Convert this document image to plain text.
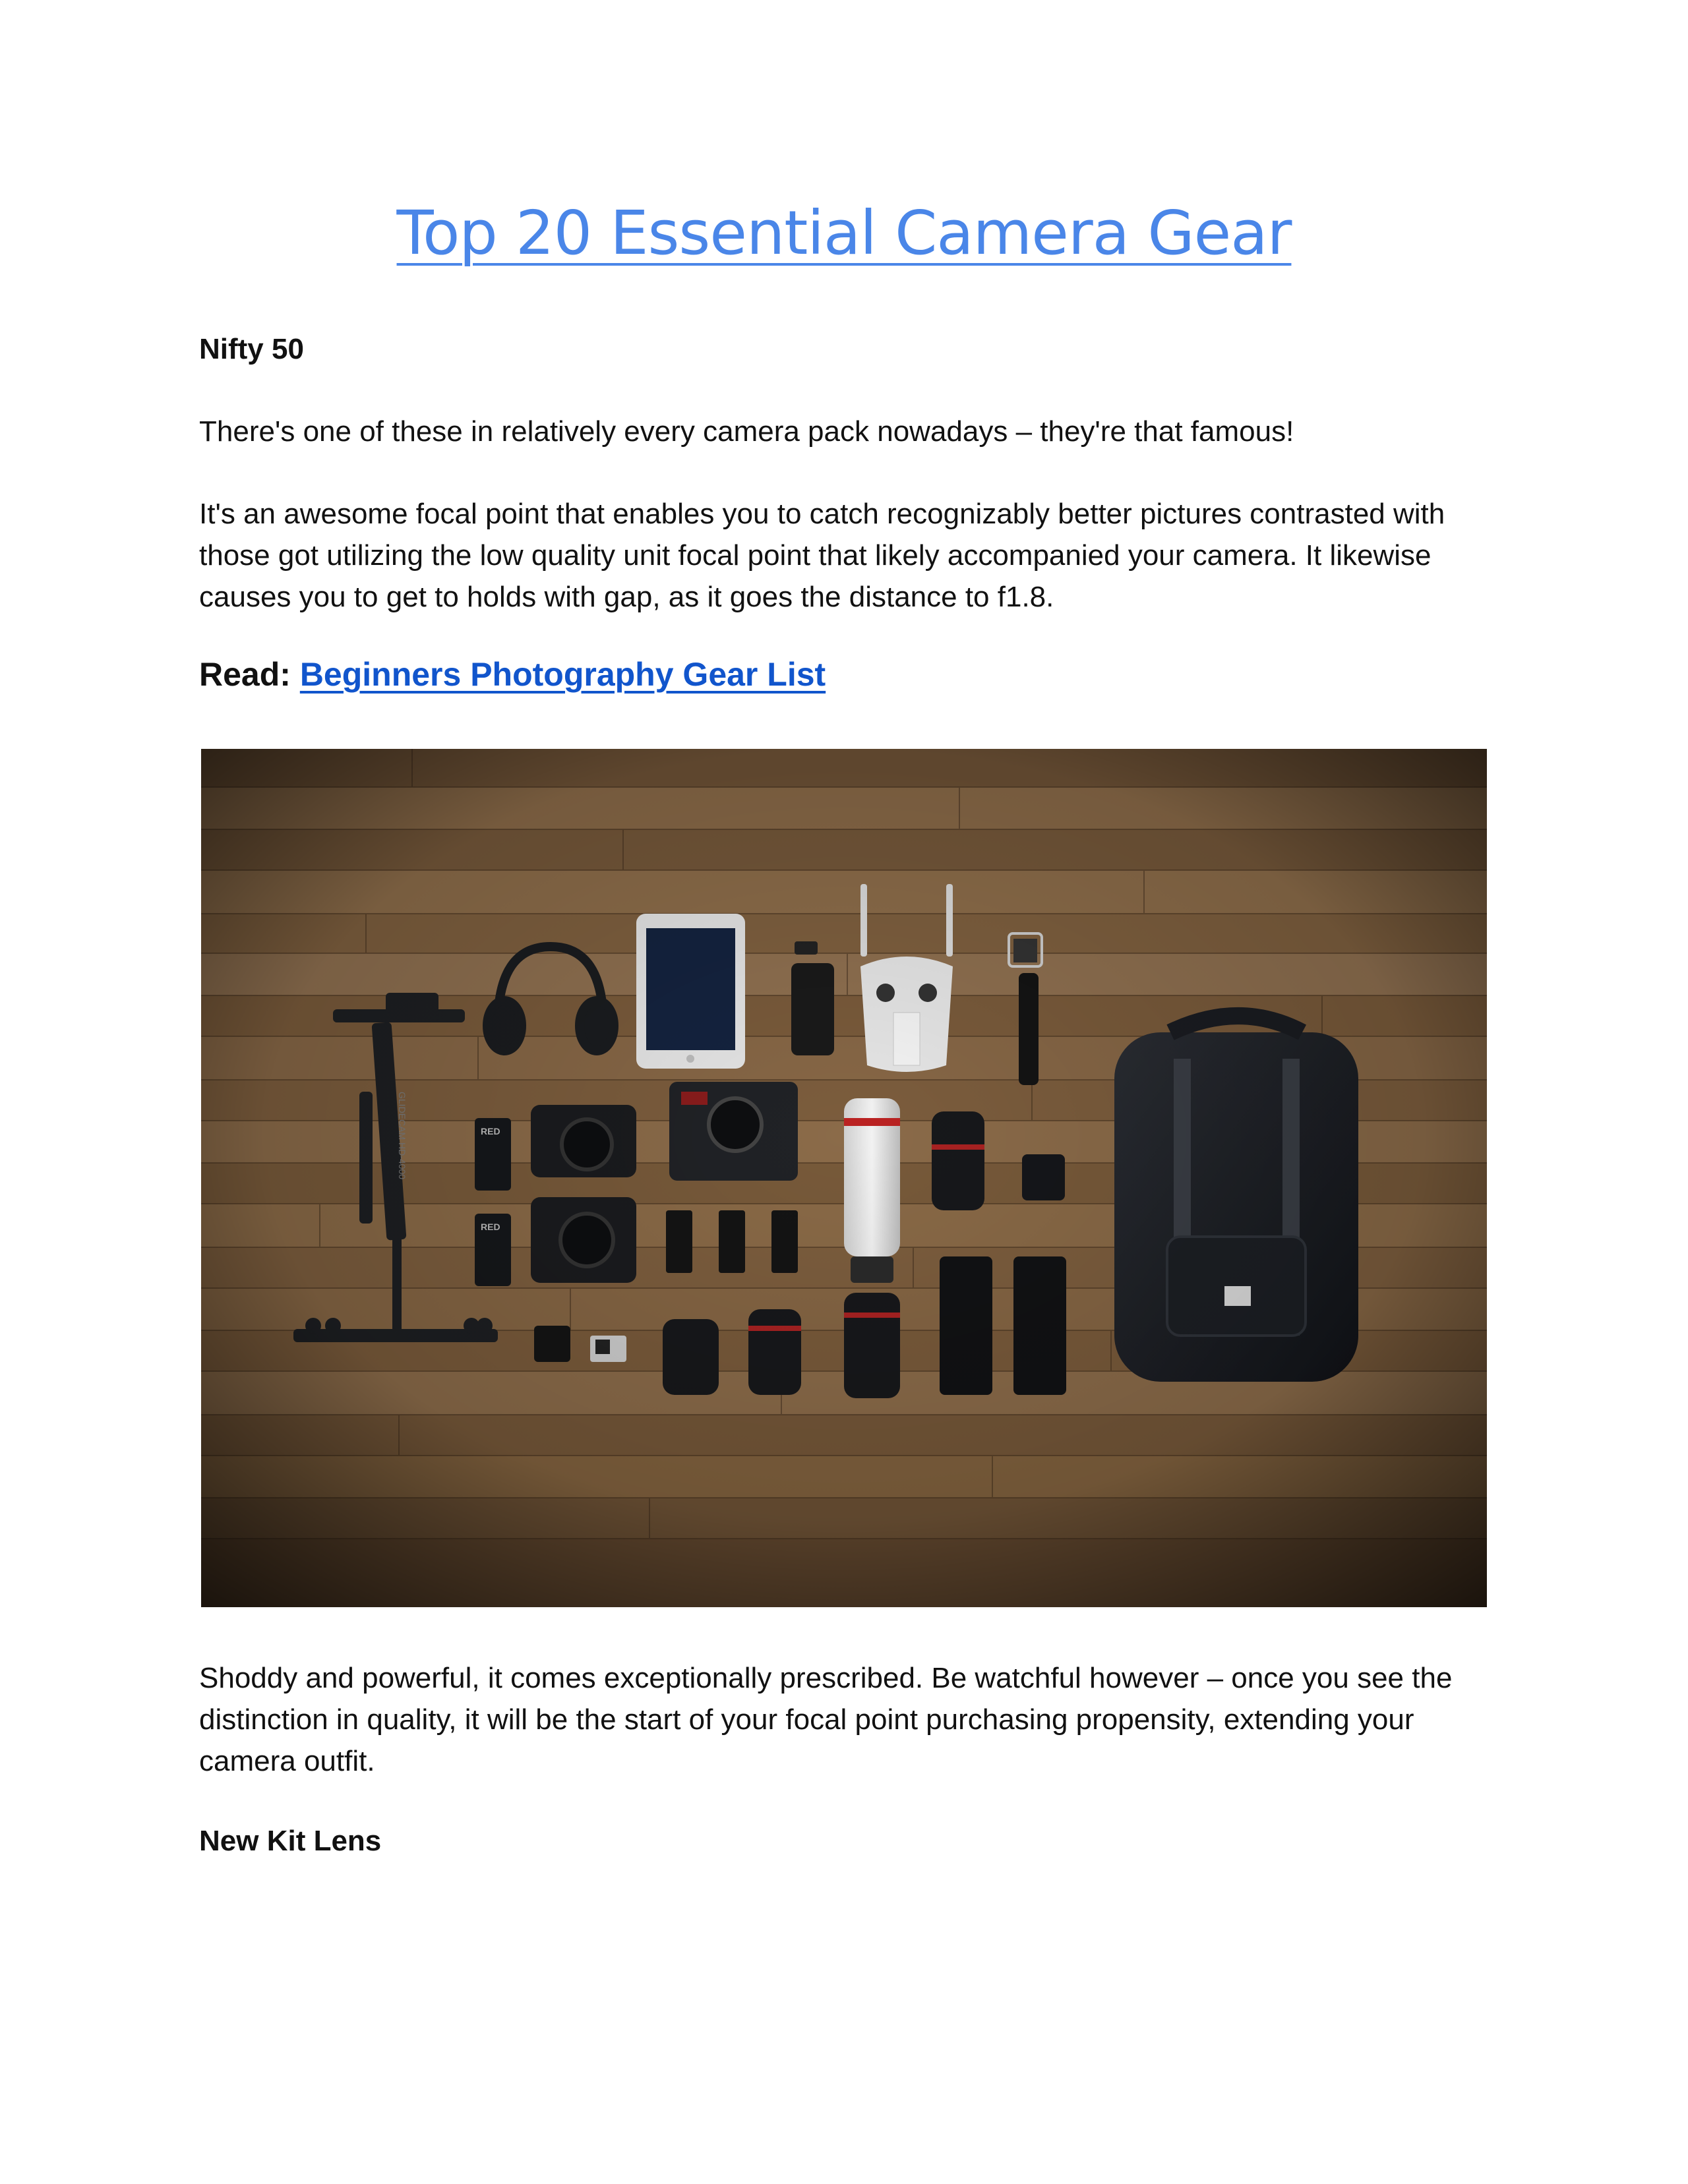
Top 20 Essential Camera Gear

Nifty 50

There's one of these in relatively every camera pack nowadays – they're that famous!

It's an awesome focal point that enables you to catch recognizably better pictures contrasted with those got utilizing the low quality unit focal point that likely accompanied your camera. It likewise causes you to get to holds with gap, as it goes the distance to f1.8.

Read: Beginners Photography Gear List

Shoddy and powerful, it comes exceptionally prescribed. Be watchful however – once you see the distinction in quality, it will be the start of your focal point purchasing propensity, extending your camera outfit.

New Kit Lens
